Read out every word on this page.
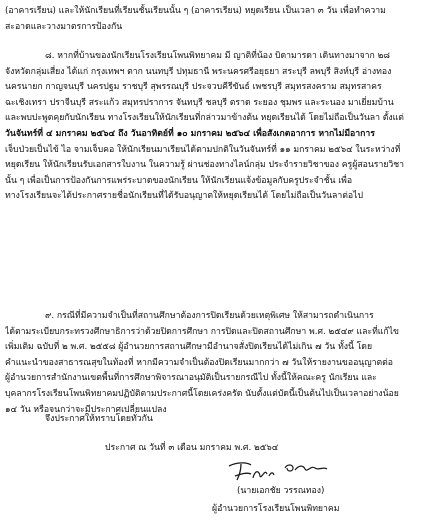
(อาคารเรียน) และให้นักเรียนที่เรียนชั้นเรียนนั้น ๆ (อาคารเรียน) หยุดเรียน เป็นเวลา ๓ วัน เพื่อทำความ
สะอาดและวางมาตรการป้องกัน
๘. หากที่บ้านของนักเรียนโรงเรียนโพนพิทยาคม มี ญาติที่น้อง บิดามารดา เดินทางมาจาก ๒๘
จังหวัดกลุ่มเสี่ยง ได้แก่ กรุงเทพฯ ตาก นนทบุรี ปทุมธานี พระนครศรีอยุธยา สระบุรี ลพบุรี สิงห์บุรี อ่างทอง
นครนายก กาญจนบุรี นครปฐม ราชบุรี สุพรรณบุรี ประจวบคีรีขันธ์ เพชรบุรี สมุทรสงคราม สมุทรสาคร
ฉะเชิงเทรา ปราจีนบุรี สระแก้ว สมุทรปราการ จันทบุรี ชลบุรี ตราด ระยอง ชุมพร และระนอง มาเยี่ยมบ้าน
และพบปะพูดคุยกับนักเรียน ทางโรงเรียนให้นักเรียนที่กล่าวมาข้างต้น หยุดเรียนได้ โดยไม่ถือเป็นวันลา ตั้งแต่
วันจันทร์ที่ ๔ มกราคม ๒๕๖๔ ถึง วันอาทิตย์ที่ ๑๐ มกราคม ๒๕๖๔ เพื่อสังเกตอาการ หากไม่มีอาการ
เจ็บป่วยเป็นไข้ ไอ จามเจ็บคอ ให้นักเรียนมาเรียนได้ตามปกติในวันจันทร์ที่ ๑๑ มกราคม ๒๕๖๔ ในระหว่างที่
หยุดเรียน ให้นักเรียนรับเอกสารใบงาน ในความรู้ ผ่านช่องทางไลน์กลุ่ม ประจำรายวิชาของ ครูผู้สอนรายวิชา
นั้น ๆ เพื่อเป็นการป้องกันการแพร่ระบาดของนักเรียน ให้นักเรียนแจ้งข้อมูลกับครูประจำชั้น เพื่อ
ทางโรงเรียนจะได้ประกาศรายชื่อนักเรียนที่ได้รับอนุญาตให้หยุดเรียนได้ โดยไม่ถือเป็นวันลาต่อไป
๙. กรณีที่มีความจำเป็นที่สถานศึกษาต้องการปิดเรียนด้วยเหตุพิเศษ ให้สามารถดำเนินการ
ได้ตามระเบียบกระทรวงศึกษาธิการว่าด้วยปิดการศึกษา การปิดและปิดสถานศึกษา พ.ศ. ๒๕๔๙ และที่แก้ไข
เพิ่มเติม ฉบับที่ ๒ พ.ศ. ๒๕๕๘ ผู้อำนวยการสถานศึกษามีอำนาจสั่งปิดเรียนได้ไม่เกิน ๗ วัน ทั้งนี้ โดย
คำแนะนำของสาธารณสุขในท้องที่ หากมีความจำเป็นต้องปิดเรียนมากกว่า ๗ วันให้รายงานขออนุญาตต่อ
ผู้อำนวยการสำนักงานเขตพื้นที่การศึกษาพิจารณาอนุมัติเป็นรายกรณีไป ทั้งนี้ให้คณะครู นักเรียน และ
บุคลากรโรงเรียนโพนพิทยาคมปฏิบัติตามประกาศนี้โดยเคร่งครัด นับตั้งแต่บัดนี้เป็นต้นไปเป็นเวลาอย่างน้อย
๑๔ วัน หรือจนกว่าจะมีประกาศเปลี่ยนแปลง
จึงประกาศให้ทราบโดยทั่วกัน
ประกาศ ณ วันที่ ๓ เดือน มกราคม พ.ศ. ๒๕๖๔
(นายเอกชัย วรรณทอง)
ผู้อำนวยการโรงเรียนโพนพิทยาคม
